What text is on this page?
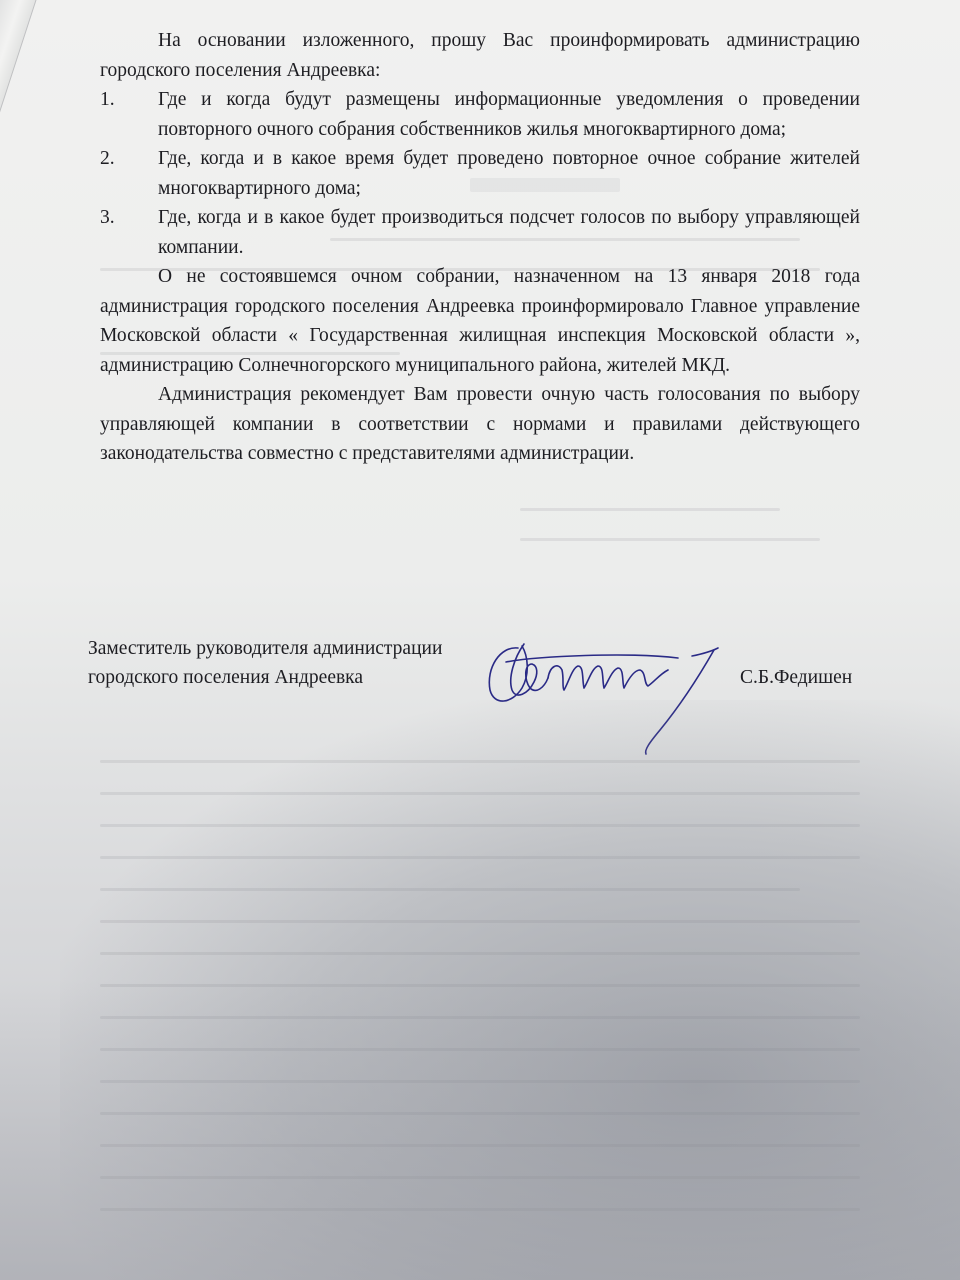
На основании изложенного, прошу Вас проинформировать администрацию городского поселения Андреевка:

1.	Где и когда будут размещены информационные уведомления о проведении повторного очного собрания собственников жилья многоквартирного дома;
2.	Где, когда и в какое время будет проведено повторное очное собрание жителей многоквартирного дома;
3.	Где, когда и в какое будет производиться подсчет голосов по выбору управляющей компании.

О не состоявшемся очном собрании, назначенном на 13 января 2018 года администрация городского поселения Андреевка проинформировало Главное управление Московской области « Государственная жилищная инспекция Московской области », администрацию Солнечногорского муниципального района, жителей МКД.

Администрация рекомендует Вам провести очную часть голосования по выбору управляющей компании в соответствии с нормами и правилами действующего законодательства совместно с представителями администрации.

Заместитель руководителя администрации
городского поселения Андреевка	С.Б.Федишен
